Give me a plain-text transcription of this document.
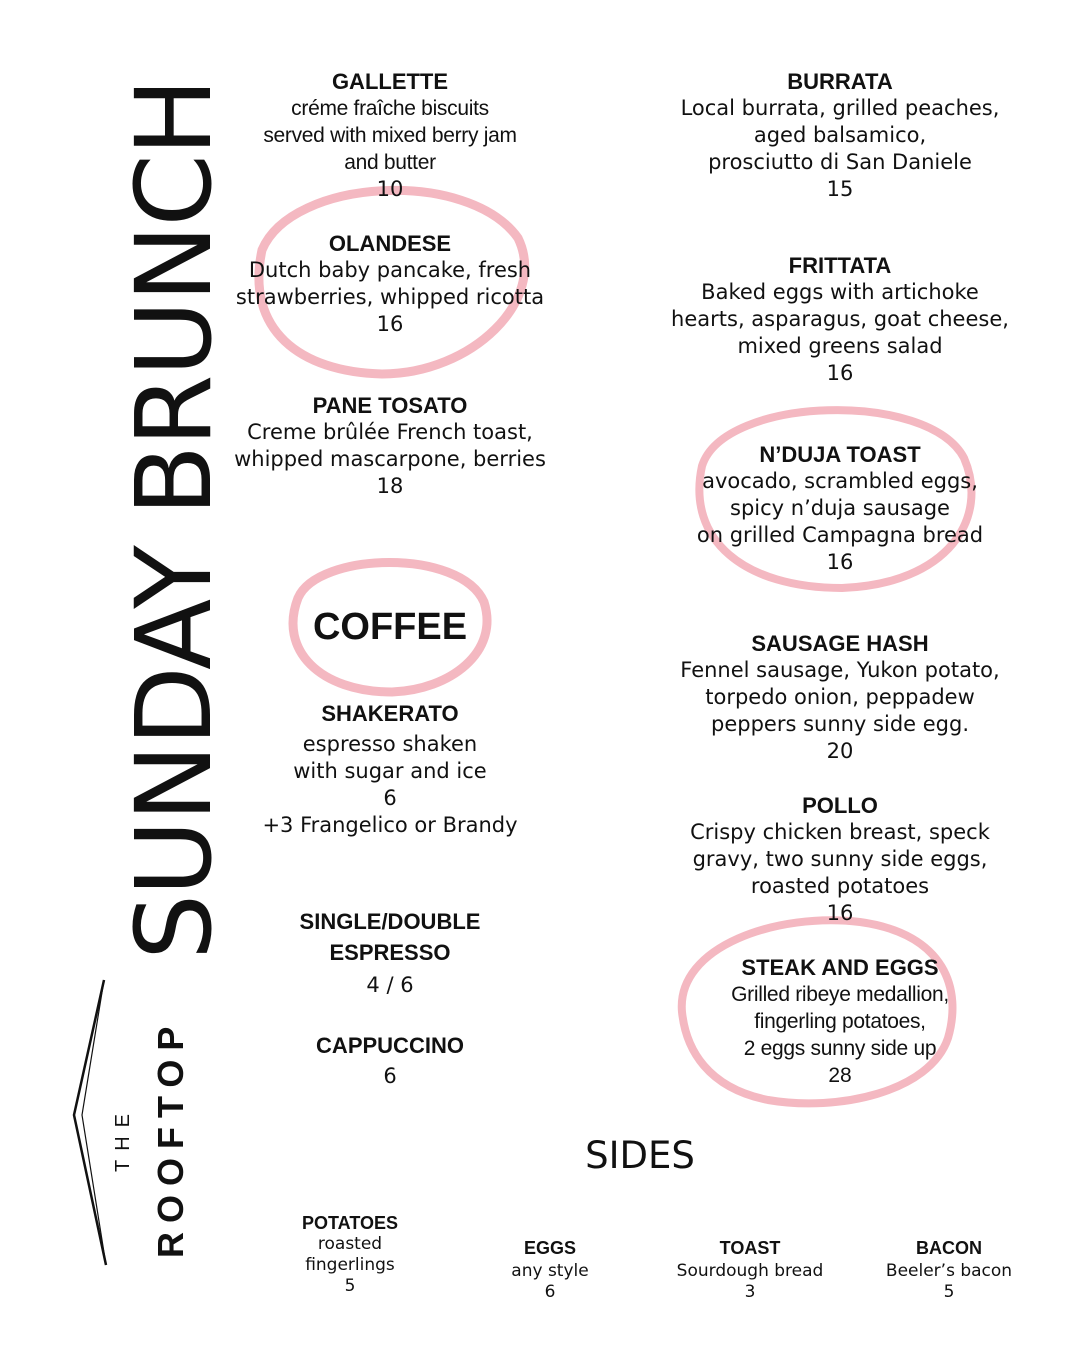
SUNDAY BRUNCH
THE ROOFTOP
GALLETTE
créme fraîche biscuits
served with mixed berry jam
and butter
10
OLANDESE
Dutch baby pancake, fresh
strawberries, whipped ricotta
16
PANE TOSATO
Creme brûlée French toast,
whipped mascarpone, berries
18
COFFEE
SHAKERATO
espresso shaken
with sugar and ice
6
+3 Frangelico or Brandy
SINGLE/DOUBLE
ESPRESSO
4 / 6
CAPPUCCINO
6
BURRATA
Local burrata, grilled peaches,
aged balsamico,
prosciutto di San Daniele
15
FRITTATA
Baked eggs with artichoke
hearts, asparagus, goat cheese,
mixed greens salad
16
N’DUJA TOAST
avocado, scrambled eggs,
spicy n’duja sausage
on grilled Campagna bread
16
SAUSAGE HASH
Fennel sausage, Yukon potato,
torpedo onion, peppadew
peppers sunny side egg.
20
POLLO
Crispy chicken breast, speck
gravy, two sunny side eggs,
roasted potatoes
16
STEAK AND EGGS
Grilled ribeye medallion,
fingerling potatoes,
2 eggs sunny side up
28
SIDES
POTATOES
roasted
fingerlings
5
EGGS
any style
6
TOAST
Sourdough bread
3
BACON
Beeler’s bacon
5
